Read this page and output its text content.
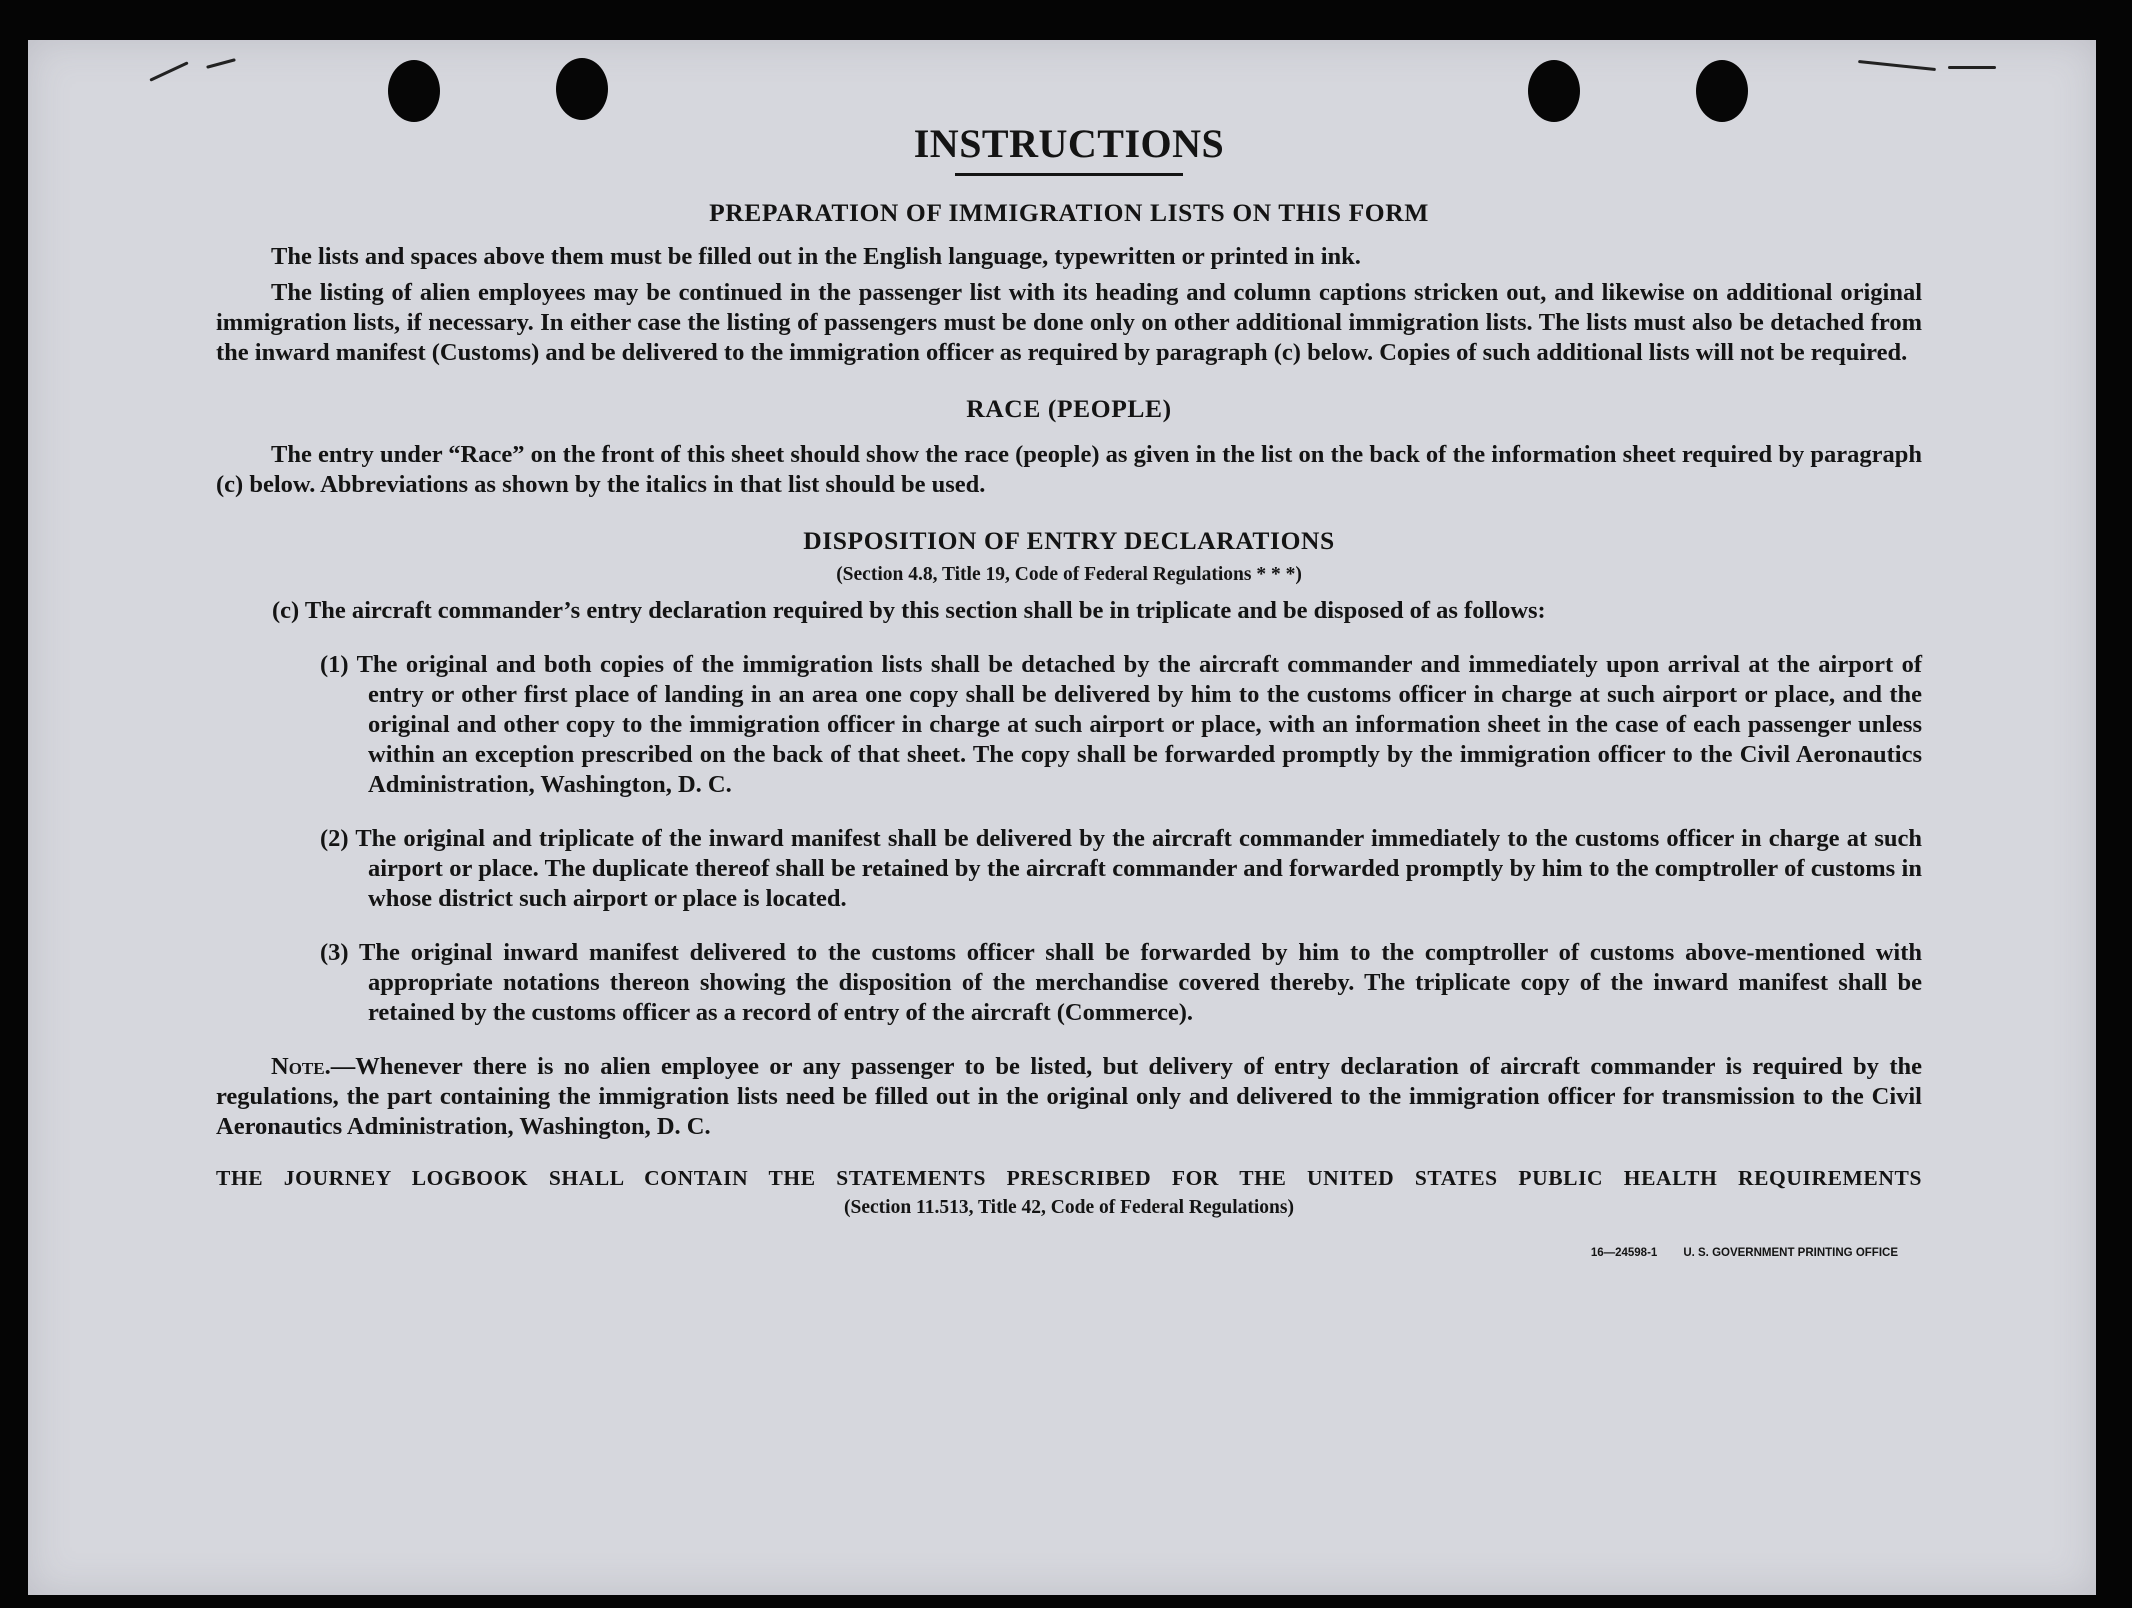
INSTRUCTIONS
PREPARATION OF IMMIGRATION LISTS ON THIS FORM

The lists and spaces above them must be filled out in the English language, typewritten or printed in ink.

The listing of alien employees may be continued in the passenger list with its heading and column captions stricken out, and likewise on additional original immigration lists, if necessary. In either case the listing of passengers must be done only on other additional immigration lists. The lists must also be detached from the inward manifest (Customs) and be delivered to the immigration officer as required by paragraph (c) below. Copies of such additional lists will not be required.

RACE (PEOPLE)

The entry under “Race” on the front of this sheet should show the race (people) as given in the list on the back of the information sheet required by paragraph (c) below. Abbreviations as shown by the italics in that list should be used.

DISPOSITION OF ENTRY DECLARATIONS
(Section 4.8, Title 19, Code of Federal Regulations * * *)

(c) The aircraft commander’s entry declaration required by this section shall be in triplicate and be disposed of as follows:

(1) The original and both copies of the immigration lists shall be detached by the aircraft commander and immediately upon arrival at the airport of entry or other first place of landing in an area one copy shall be delivered by him to the customs officer in charge at such airport or place, and the original and other copy to the immigration officer in charge at such airport or place, with an information sheet in the case of each passenger unless within an exception prescribed on the back of that sheet. The copy shall be forwarded promptly by the immigration officer to the Civil Aeronautics Administration, Washington, D. C.

(2) The original and triplicate of the inward manifest shall be delivered by the aircraft commander immediately to the customs officer in charge at such airport or place. The duplicate thereof shall be retained by the aircraft commander and forwarded promptly by him to the comptroller of customs in whose district such airport or place is located.

(3) The original inward manifest delivered to the customs officer shall be forwarded by him to the comptroller of customs above-mentioned with appropriate notations thereon showing the disposition of the merchandise covered thereby. The triplicate copy of the inward manifest shall be retained by the customs officer as a record of entry of the aircraft (Commerce).

Note.—Whenever there is no alien employee or any passenger to be listed, but delivery of entry declaration of aircraft commander is required by the regulations, the part containing the immigration lists need be filled out in the original only and delivered to the immigration officer for transmission to the Civil Aeronautics Administration, Washington, D. C.

THE JOURNEY LOGBOOK SHALL CONTAIN THE STATEMENTS PRESCRIBED FOR THE UNITED STATES PUBLIC HEALTH REQUIREMENTS
(Section 11.513, Title 42, Code of Federal Regulations)
16—24598-1 U. S. GOVERNMENT PRINTING OFFICE
